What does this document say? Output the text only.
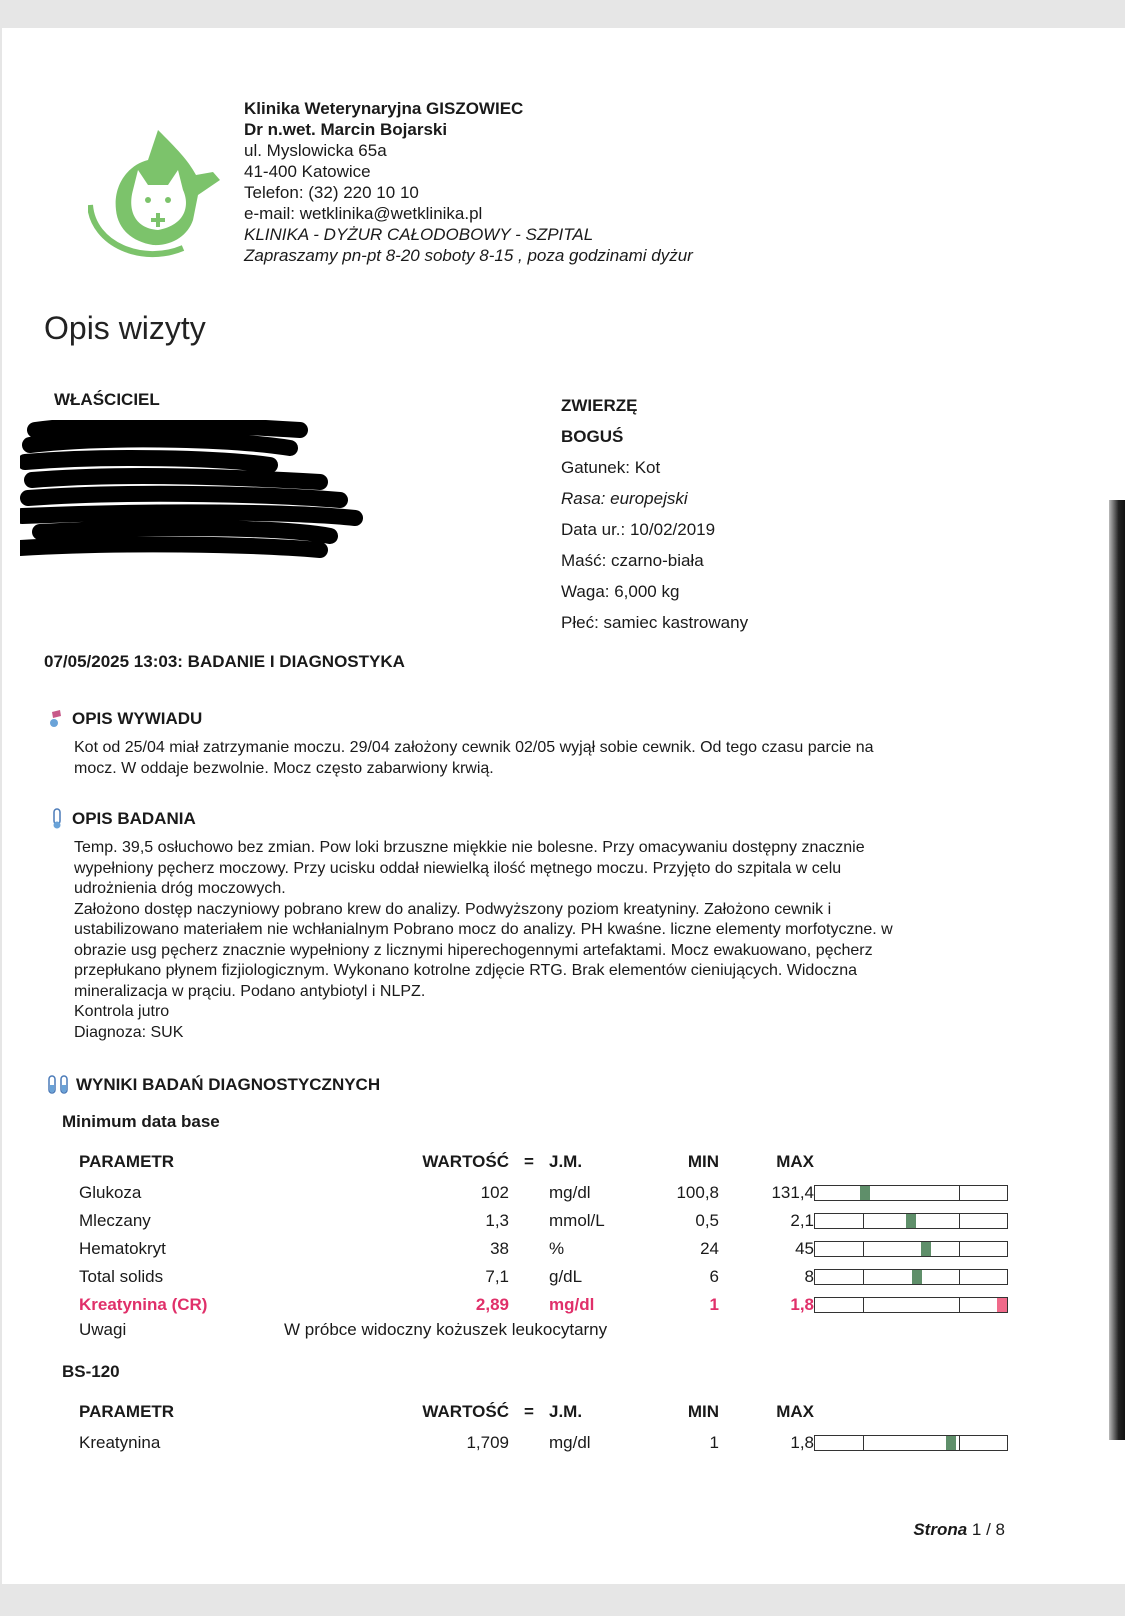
Klinika Weterynaryjna GISZOWIEC
Dr n.wet. Marcin Bojarski
ul. Myslowicka 65a
41-400 Katowice
Telefon: (32) 220 10 10
e-mail: wetklinika@wetklinika.pl
KLINIKA - DYŻUR CAŁODOBOWY - SZPITAL
Zapraszamy pn-pt 8-20 soboty 8-15 , poza godzinami dyżur
Opis wizyty
WŁAŚCICIEL	ZWIERZĘ
BOGUŚ
Gatunek: Kot
Rasa: europejski
Data ur.: 10/02/2019
Maść: czarno-biała
Waga: 6,000 kg
Płeć: samiec kastrowany
07/05/2025 13:03: BADANIE I DIAGNOSTYKA
OPIS WYWIADU
Kot od 25/04 miał zatrzymanie moczu. 29/04 założony cewnik 02/05 wyjął sobie cewnik. Od tego czasu parcie na
mocz. W oddaje bezwolnie. Mocz często zabarwiony krwią.
OPIS BADANIA
Temp. 39,5 osłuchowo bez zmian. Pow loki brzuszne miękkie nie bolesne. Przy omacywaniu dostępny znacznie
wypełniony pęcherz moczowy. Przy ucisku oddał niewielką ilość mętnego moczu. Przyjęto do szpitala w celu
udrożnienia dróg moczowych.
Założono dostęp naczyniowy pobrano krew do analizy. Podwyższony poziom kreatyniny. Założono cewnik i
ustabilizowano materiałem nie wchłanialnym Pobrano mocz do analizy. PH kwaśne. liczne elementy morfotyczne. w
obrazie usg pęcherz znacznie wypełniony z licznymi hiperechogennymi artefaktami. Mocz ewakuowano, pęcherz
przepłukano płynem fizjiologicznym. Wykonano kotrolne zdjęcie RTG. Brak elementów cieniujących. Widoczna
mineralizacja w prąciu. Podano antybiotyl i NLPZ.
Kontrola jutro
Diagnoza: SUK
WYNIKI BADAŃ DIAGNOSTYCZNYCH
Minimum data base
PARAMETR	WARTOŚĆ	=	J.M.	MIN	MAX	
Glukoza	102		mg/dl	100,8	131,4	

Mleczany	1,3		mmol/L	0,5	2,1	

Hematokryt	38		%	24	45	

Total solids	7,1		g/dL	6	8	

Kreatynina (CR)	2,89		mg/dl	1	1,8	
Uwagi	W próbce widoczny kożuszek leukocytarny
BS-120
PARAMETR	WARTOŚĆ	=	J.M.	MIN	MAX	
Kreatynina	1,709		mg/dl	1	1,8	
Strona 1 / 8
